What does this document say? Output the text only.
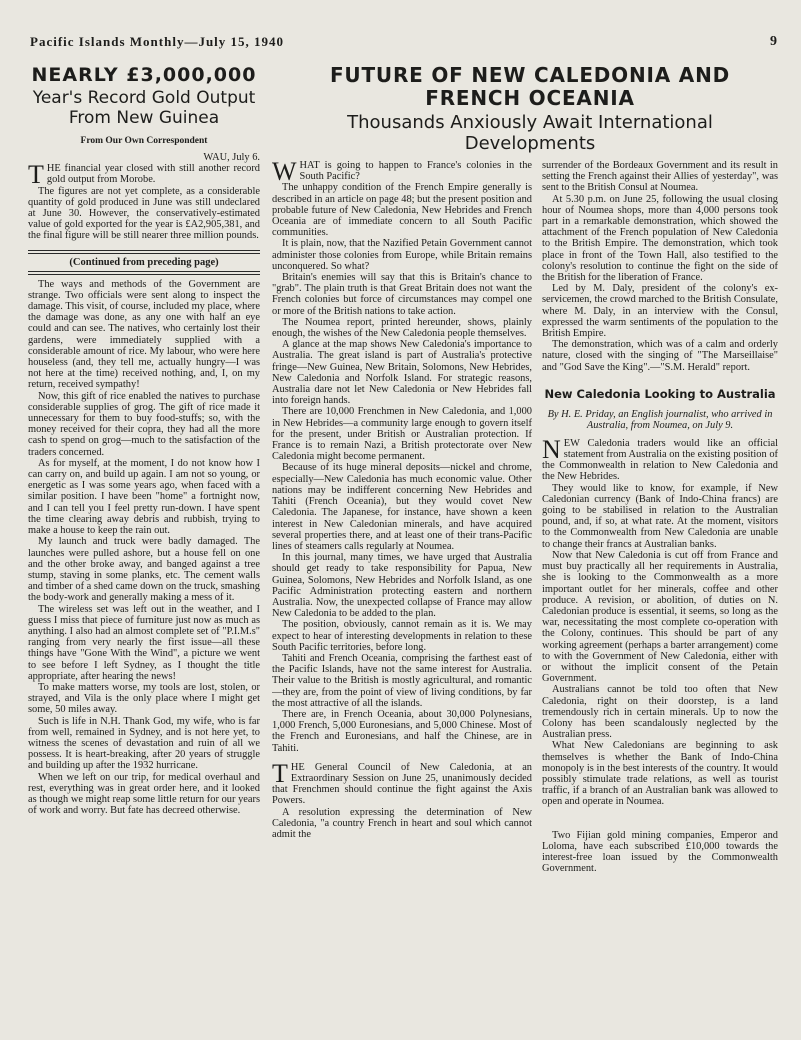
Pacific Islands Monthly—July 15, 1940	9
NEARLY £3,000,000
Year's Record Gold Output From New Guinea
From Our Own Correspondent

WAU, July 6.

THE financial year closed with still another record gold output from Morobe.

The figures are not yet complete, as a considerable quantity of gold produced in June was still undeclared at June 30. However, the conservatively-estimated value of gold exported for the year is £A2,905,381, and the final figure will be still nearer three million pounds.

(Continued from preceding page)

The ways and methods of the Government are strange. Two officials were sent along to inspect the damage. This visit, of course, included my place, where the damage was done, as any one with half an eye could and can see. The natives, who certainly lost their gardens, were immediately supplied with a considerable amount of rice. My labour, who were here houseless (and, they tell me, actually hungry—I was not here at the time) received nothing, and, I, on my return, received sympathy!

Now, this gift of rice enabled the natives to purchase considerable supplies of grog. The gift of rice made it unnecessary for them to buy food-stuffs; so, with the money received for their copra, they had all the more cash to spend on grog—much to the satisfaction of the traders concerned.

As for myself, at the moment, I do not know how I can carry on, and build up again. I am not so young, or energetic as I was some years ago, when faced with a similar position. I have been "home" a fortnight now, and I can tell you I feel pretty run-down. I have spent the time clearing away debris and rubbish, trying to make a house to keep the rain out.

My launch and truck were badly damaged. The launches were pulled ashore, but a house fell on one and the other broke away, and banged against a tree stump, staving in some planks, etc. The cement walls and timber of a shed came down on the truck, smashing the body-work and generally making a mess of it.

The wireless set was left out in the weather, and I guess I miss that piece of furniture just now as much as anything. I also had an almost complete set of "P.I.M.s" ranging from very nearly the first issue—all these things have "Gone With the Wind", a picture we went to see before I left Sydney, as I thought the title appropriate, after hearing the news!

To make matters worse, my tools are lost, stolen, or strayed, and Vila is the only place where I might get some, 50 miles away.

Such is life in N.H. Thank God, my wife, who is far from well, remained in Sydney, and is not here yet, to witness the scenes of devastation and ruin of all we possess. It is heart-breaking, after 20 years of struggle and building up after the 1932 hurricane.

When we left on our trip, for medical overhaul and rest, everything was in great order here, and it looked as though we might reap some little return for our years of work and worry. But fate has decreed otherwise.

FUTURE OF NEW CALEDONIA AND FRENCH OCEANIA
Thousands Anxiously Await International Developments

WHAT is going to happen to France's colonies in the South Pacific?

The unhappy condition of the French Empire generally is described in an article on page 48; but the present position and probable future of New Caledonia, New Hebrides and French Oceania are of immediate concern to all South Pacific communities.

It is plain, now, that the Nazified Petain Government cannot administer those colonies from Europe, while Britain remains unconquered. So what?

Britain's enemies will say that this is Britain's chance to "grab". The plain truth is that Great Britain does not want the French colonies but force of circumstances may compel one or more of the British nations to take action.

The Noumea report, printed hereunder, shows, plainly enough, the wishes of the New Caledonia people themselves.

A glance at the map shows New Caledonia's importance to Australia. The great island is part of Australia's protective fringe—New Guinea, New Britain, Solomons, New Hebrides, New Caledonia and Norfolk Island. For strategic reasons, Australia dare not let New Caledonia or New Hebrides fall into foreign hands.

There are 10,000 Frenchmen in New Caledonia, and 1,000 in New Hebrides—a community large enough to govern itself for the present, under British or Australian protection. If France is to remain Nazi, a British protectorate over New Caledonia might become permanent.

Because of its huge mineral deposits—nickel and chrome, especially—New Caledonia has much economic value. Other nations may be indifferent concerning New Hebrides and Tahiti (French Oceania), but they would covet New Caledonia. The Japanese, for instance, have shown a keen interest in New Caledonian minerals, and have acquired several properties there, and at least one of their trans-Pacific lines of steamers calls regularly at Noumea.

In this journal, many times, we have urged that Australia should get ready to take responsibility for Papua, New Guinea, Solomons, New Hebrides and Norfolk Island, as one Pacific Administration protecting eastern and northern Australia. Now, the unexpected collapse of France may allow New Caledonia to be added to the plan.

The position, obviously, cannot remain as it is. We may expect to hear of interesting developments in relation to these South Pacific territories, before long.

Tahiti and French Oceania, comprising the farthest east of the Pacific Islands, have not the same interest for Australia. Their value to the British is mostly agricultural, and romantic—they are, from the point of view of living conditions, by far the most attractive of all the islands.

There are, in French Oceania, about 30,000 Polynesians, 1,000 French, 5,000 Euronesians, and 5,000 Chinese. Most of the French and Euronesians, and half the Chinese, are in Tahiti.

THE General Council of New Caledonia, at an Extraordinary Session on June 25, unanimously decided that Frenchmen should continue the fight against the Axis Powers.

A resolution expressing the determination of New Caledonia, "a country French in heart and soul which cannot admit the

surrender of the Bordeaux Government and its result in setting the French against their Allies of yesterday", was sent to the British Consul at Noumea.

At 5.30 p.m. on June 25, following the usual closing hour of Noumea shops, more than 4,000 persons took part in a remarkable demonstration, which showed the attachment of the French population of New Caledonia to the British Empire. The demonstration, which took place in front of the Town Hall, also testified to the colony's resolution to continue the fight on the side of the British for the liberation of France.

Led by M. Daly, president of the colony's ex-servicemen, the crowd marched to the British Consulate, where M. Daly, in an interview with the Consul, expressed the warm sentiments of the population to the British Empire.

The demonstration, which was of a calm and orderly nature, closed with the singing of "The Marseillaise" and "God Save the King".—"S.M. Herald" report.

New Caledonia Looking to Australia
By H. E. Priday, an English journalist, who arrived in Australia, from Noumea, on July 9.

NEW Caledonia traders would like an official statement from Australia on the existing position of the Commonwealth in relation to New Caledonia and the New Hebrides.

They would like to know, for example, if New Caledonian currency (Bank of Indo-China francs) are going to be stabilised in relation to the Australian pound, and, if so, at what rate. At the moment, visitors to the Commonwealth from New Caledonia are unable to change their francs at Australian banks.

Now that New Caledonia is cut off from France and must buy practically all her requirements in Australia, she is looking to the Commonwealth as a more important outlet for her minerals, coffee and other produce. A revision, or abolition, of duties on N. Caledonian produce is essential, it seems, so long as the war, necessitating the most complete co-operation with the Colony, continues. This should be part of any working agreement (perhaps a barter arrangement) come to with the Government of New Caledonia, either with or without the implicit consent of the Petain Government.

Australians cannot be told too often that New Caledonia, right on their doorstep, is a land tremendously rich in certain minerals. Up to now the Colony has been scandalously neglected by the Australian press.

What New Caledonians are beginning to ask themselves is whether the Bank of Indo-China monopoly is in the best interests of the country. It would possibly stimulate trade relations, as well as tourist traffic, if a branch of an Australian bank was allowed to open and operate in Noumea.

Two Fijian gold mining companies, Emperor and Loloma, have each subscribed £10,000 towards the interest-free loan issued by the Commonwealth Government.
